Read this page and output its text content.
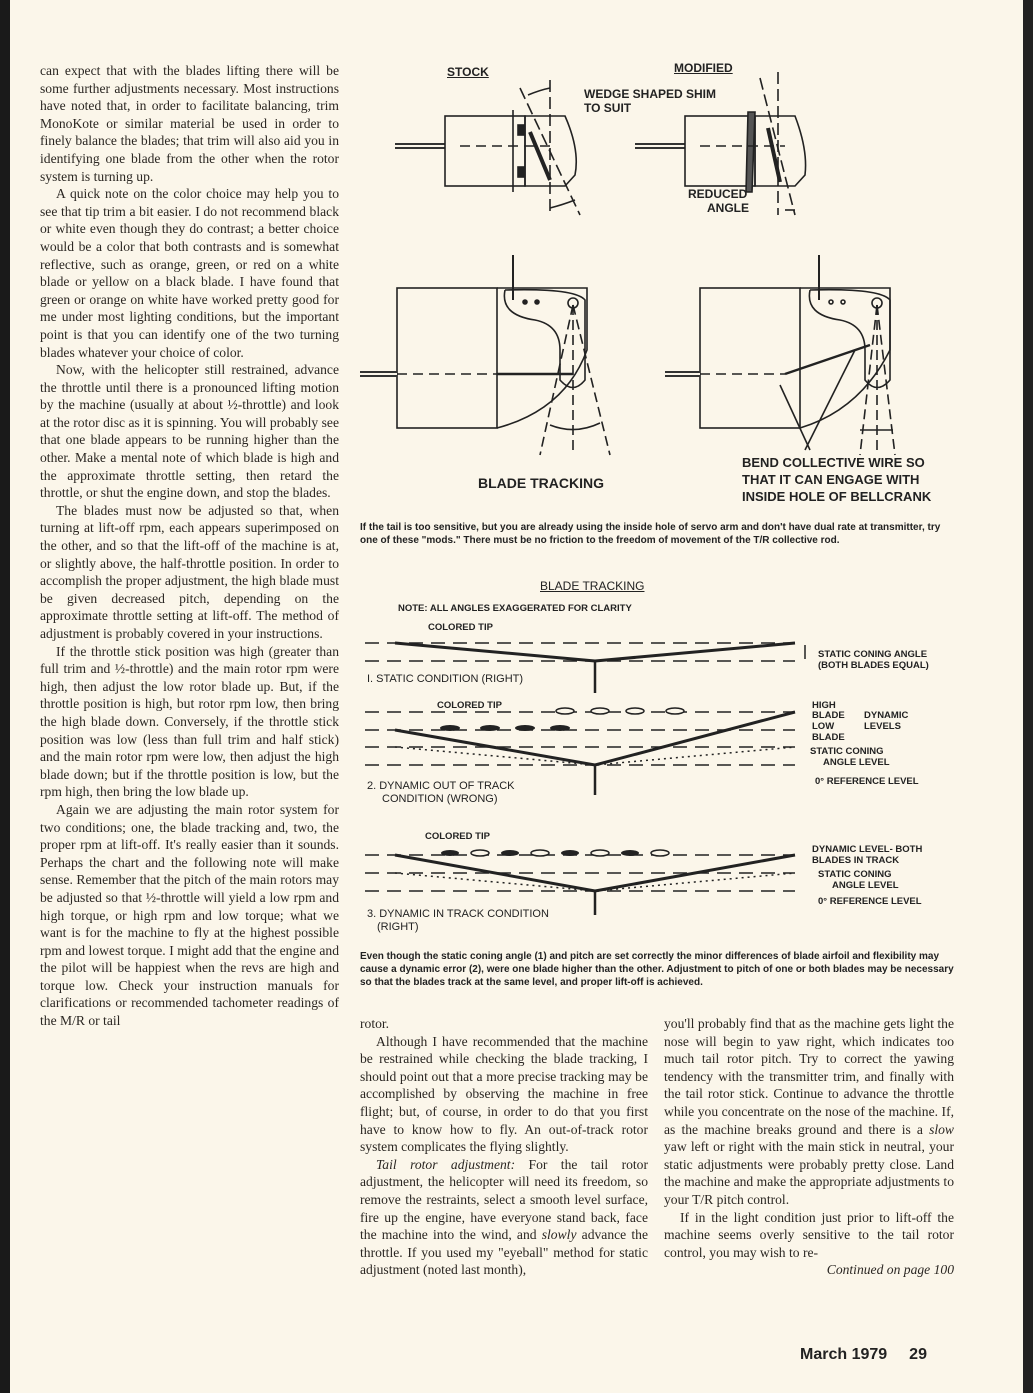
can expect that with the blades lifting there will be some further adjustments necessary. Most instructions have noted that, in order to facilitate balancing, trim MonoKote or similar material be used in order to finely balance the blades; that trim will also aid you in identifying one blade from the other when the rotor system is turning up.

A quick note on the color choice may help you to see that tip trim a bit easier. I do not recommend black or white even though they do contrast; a better choice would be a color that both contrasts and is somewhat reflective, such as orange, green, or red on a white blade or yellow on a black blade. I have found that green or orange on white have worked pretty good for me under most lighting conditions, but the important point is that you can identify one of the two turning blades whatever your choice of color.

Now, with the helicopter still restrained, advance the throttle until there is a pronounced lifting motion by the machine (usually at about ½-throttle) and look at the rotor disc as it is spinning. You will probably see that one blade appears to be running higher than the other. Make a mental note of which blade is high and the approximate throttle setting, then retard the throttle, or shut the engine down, and stop the blades.

The blades must now be adjusted so that, when turning at lift-off rpm, each appears superimposed on the other, and so that the lift-off of the machine is at, or slightly above, the half-throttle position. In order to accomplish the proper adjustment, the high blade must be given decreased pitch, depending on the approximate throttle setting at lift-off. The method of adjustment is probably covered in your instructions.

If the throttle stick position was high (greater than full trim and ½-throttle) and the main rotor rpm were high, then adjust the low rotor blade up. But, if the throttle position is high, but rotor rpm low, then bring the high blade down. Conversely, if the throttle stick position was low (less than full trim and half stick) and the main rotor rpm were low, then adjust the high blade down; but if the throttle position is low, but the rpm high, then bring the low blade up.

Again we are adjusting the main rotor system for two conditions; one, the blade tracking and, two, the proper rpm at lift-off. It's really easier than it sounds. Perhaps the chart and the following note will make sense. Remember that the pitch of the main rotors may be adjusted so that ½-throttle will yield a low rpm and high torque, or high rpm and low torque; what we want is for the machine to fly at the highest possible rpm and lowest torque. I might add that the engine and the pilot will be happiest when the revs are high and torque low. Check your instruction manuals for clarifications or recommended tachometer readings of the M/R or tail	rotor.

Although I have recommended that the machine be restrained while checking the blade tracking, I should point out that a more precise tracking may be accomplished by observing the machine in free flight; but, of course, in order to do that you first have to know how to fly. An out-of-track rotor system complicates the flying slightly.

Tail rotor adjustment: For the tail rotor adjustment, the helicopter will need its freedom, so remove the restraints, select a smooth level surface, fire up the engine, have everyone stand back, face the machine into the wind, and slowly advance the throttle. If you used my "eyeball" method for static adjustment (noted last month),

you'll probably find that as the machine gets light the nose will begin to yaw right, which indicates too much tail rotor pitch. Try to correct the yawing tendency with the transmitter trim, and finally with the tail rotor stick. Continue to advance the throttle while you concentrate on the nose of the machine. If, as the machine breaks ground and there is a slow yaw left or right with the main stick in neutral, your static adjustments were probably pretty close. Land the machine and make the appropriate adjustments to your T/R pitch control.

If in the light condition just prior to lift-off the machine seems overly sensitive to the tail rotor control, you may wish to re-

Continued on page 100

STOCK	MODIFIED
WEDGE SHAPED SHIM
TO SUIT
REDUCED
ANGLE
BLADE TRACKING
BEND COLLECTIVE WIRE SO
THAT IT CAN ENGAGE WITH
INSIDE HOLE OF BELLCRANK
If the tail is too sensitive, but you are already using the inside hole of servo arm and don't have dual rate at transmitter, try one of these "mods." There must be no friction to the freedom of movement of the T/R collective rod.
BLADE TRACKING
NOTE: ALL ANGLES EXAGGERATED FOR CLARITY
COLORED TIP
STATIC CONING ANGLE
(BOTH BLADES EQUAL)
I. STATIC CONDITION (RIGHT)
COLORED TIP	HIGH
BLADE
LOW
BLADE
DYNAMIC
LEVELS
STATIC CONING
ANGLE LEVEL
0° REFERENCE LEVEL
2. DYNAMIC OUT OF TRACK
CONDITION (WRONG)
COLORED TIP
DYNAMIC LEVEL- BOTH
BLADES IN TRACK
STATIC CONING
ANGLE LEVEL
0° REFERENCE LEVEL
3. DYNAMIC IN TRACK CONDITION
(RIGHT)
Even though the static coning angle (1) and pitch are set correctly the minor differences of blade airfoil and flexibility may cause a dynamic error (2), were one blade higher than the other. Adjustment to pitch of one or both blades may be necessary so that the blades track at the same level, and proper lift-off is achieved.
March 1979 29
